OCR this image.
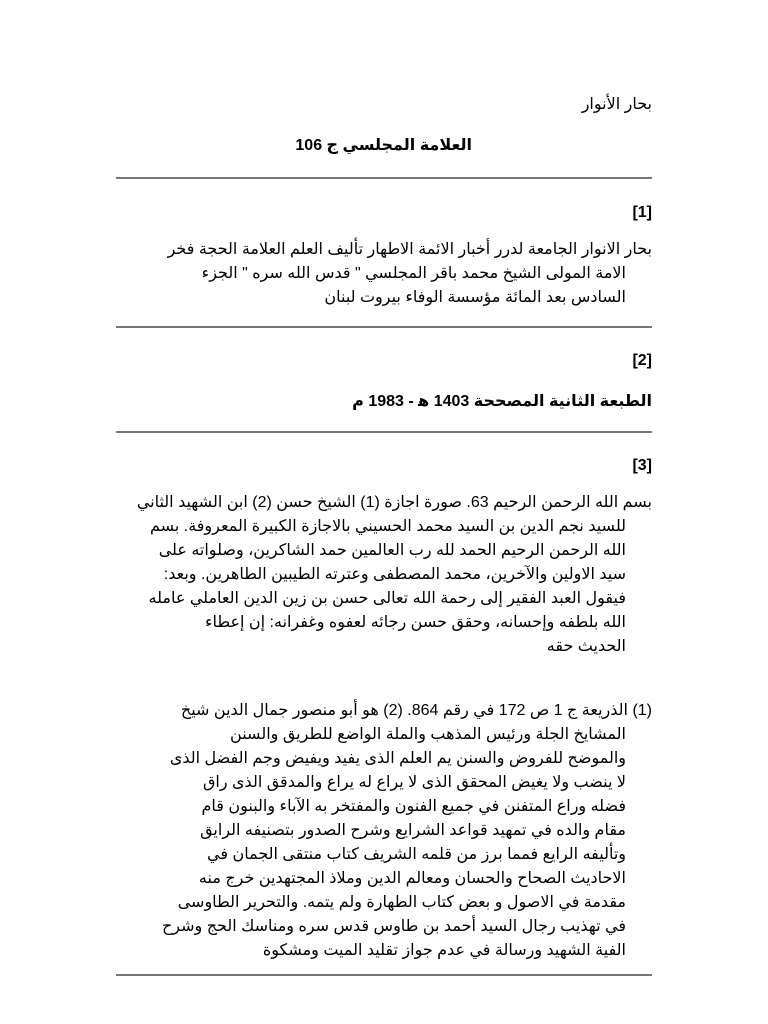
بحار الأنوار
العلامة المجلسي ج 106
[1]
بحار الانوار الجامعة لدرر أخبار الائمة الاطهار تأليف العلم العلامة الحجة فخر
الامة المولى الشيخ محمد باقر المجلسي " قدس الله سره " الجزء
السادس بعد المائة مؤسسة الوفاء بيروت لبنان
[2]
الطبعة الثانية المصححة 1403 ه‍ - 1983 م
[3]
بسم الله الرحمن الرحيم 63. صورة اجازة (1) الشيخ حسن (2) ابن الشهيد الثاني
للسيد نجم الدين بن السيد محمد الحسيني بالاجازة الكبيرة المعروفة. بسم
الله الرحمن الرحيم الحمد لله رب العالمين حمد الشاكرين، وصلواته على
سيد الاولين والآخرين، محمد المصطفى وعترته الطيبين الطاهرين. وبعد:
فيقول العبد الفقير إلى رحمة الله تعالى حسن بن زين الدين العاملي عامله
الله بلطفه وإحسانه، وحقق حسن رجائه لعفوه وغفرانه: إن إعطاء
الحديث حقه
(1) الذريعة ج 1 ص 172 في رقم 864. (2) هو أبو منصور جمال الدين شيخ
المشايخ الجلة ورئيس المذهب والملة الواضع للطريق والسنن
والموضح للفروض والسنن يم العلم الذى يفيد ويفيض وجم الفضل الذى
لا ينضب ولا يغيض المحقق الذى لا يراع له يراع والمدقق الذى راق
فضله وراع المتفنن في جميع الفنون والمفتخر به الآباء والبنون قام
مقام والده في تمهيد قواعد الشرايع وشرح الصدور بتصنيفه الرايق
وتأليفه الرايع فمما برز من قلمه الشريف كتاب منتقى الجمان في
الاحاديث الصحاح والحسان ومعالم الدين وملاذ المجتهدين خرج منه
مقدمة في الاصول و بعض كتاب الطهارة ولم يتمه. والتحرير الطاوسى
في تهذيب رجال السيد أحمد بن طاوس قدس سره ومناسك الحج وشرح
الفية الشهيد ورسالة في عدم جواز تقليد الميت ومشكوة
